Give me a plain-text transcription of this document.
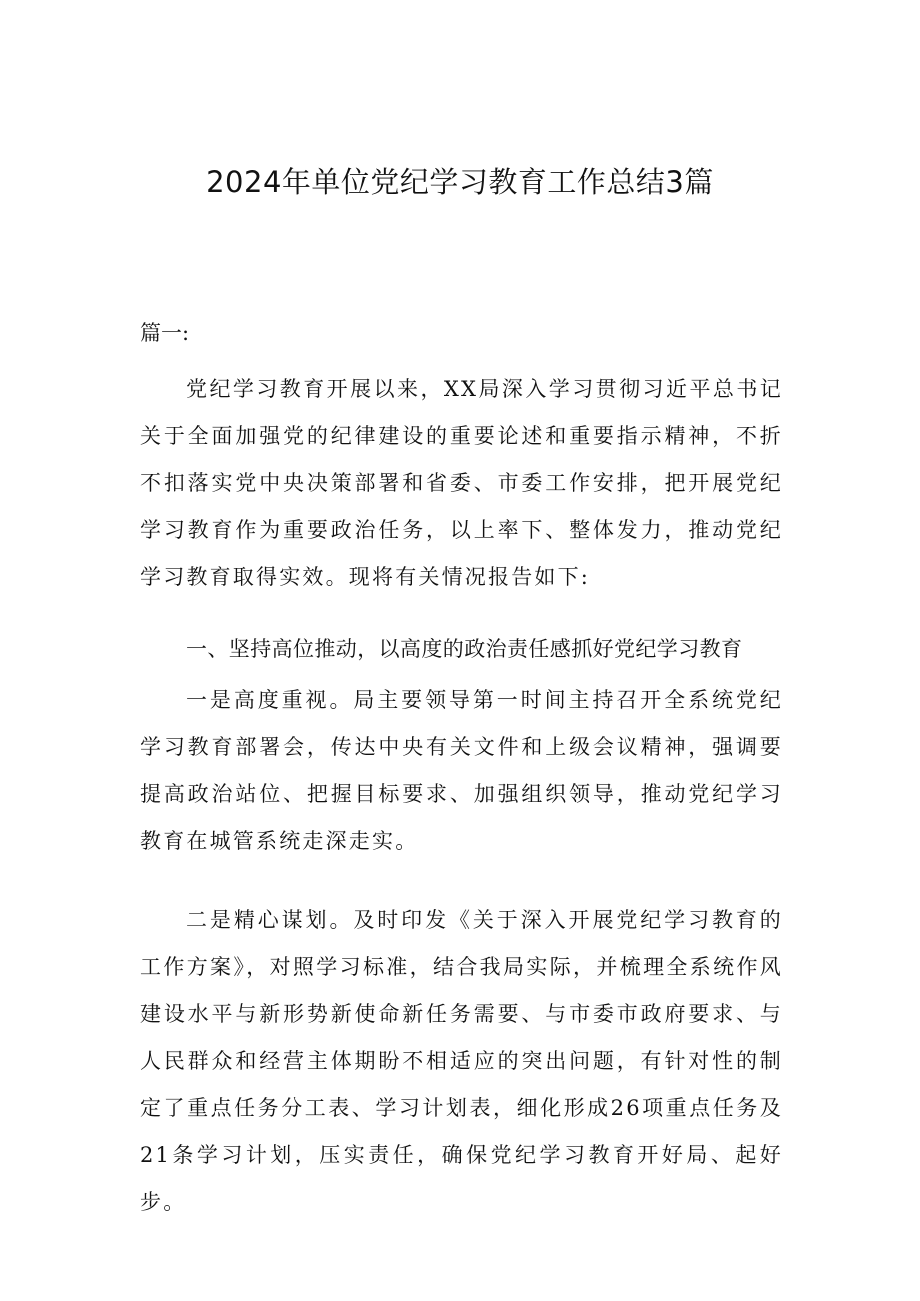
2024年单位党纪学习教育工作总结3篇

篇一:

党纪学习教育开展以来，XX局深入学习贯彻习近平总书记关于全面加强党的纪律建设的重要论述和重要指示精神，不折不扣落实党中央决策部署和省委、市委工作安排，把开展党纪学习教育作为重要政治任务，以上率下、整体发力，推动党纪学习教育取得实效。现将有关情况报告如下:

一、坚持高位推动，以高度的政治责任感抓好党纪学习教育

一是高度重视。局主要领导第一时间主持召开全系统党纪学习教育部署会，传达中央有关文件和上级会议精神，强调要提高政治站位、把握目标要求、加强组织领导，推动党纪学习教育在城管系统走深走实。

二是精心谋划。及时印发《关于深入开展党纪学习教育的工作方案》，对照学习标准，结合我局实际，并梳理全系统作风建设水平与新形势新使命新任务需要、与市委市政府要求、与人民群众和经营主体期盼不相适应的突出问题，有针对性的制定了重点任务分工表、学习计划表，细化形成26项重点任务及21条学习计划，压实责任，确保党纪学习教育开好局、起好步。
